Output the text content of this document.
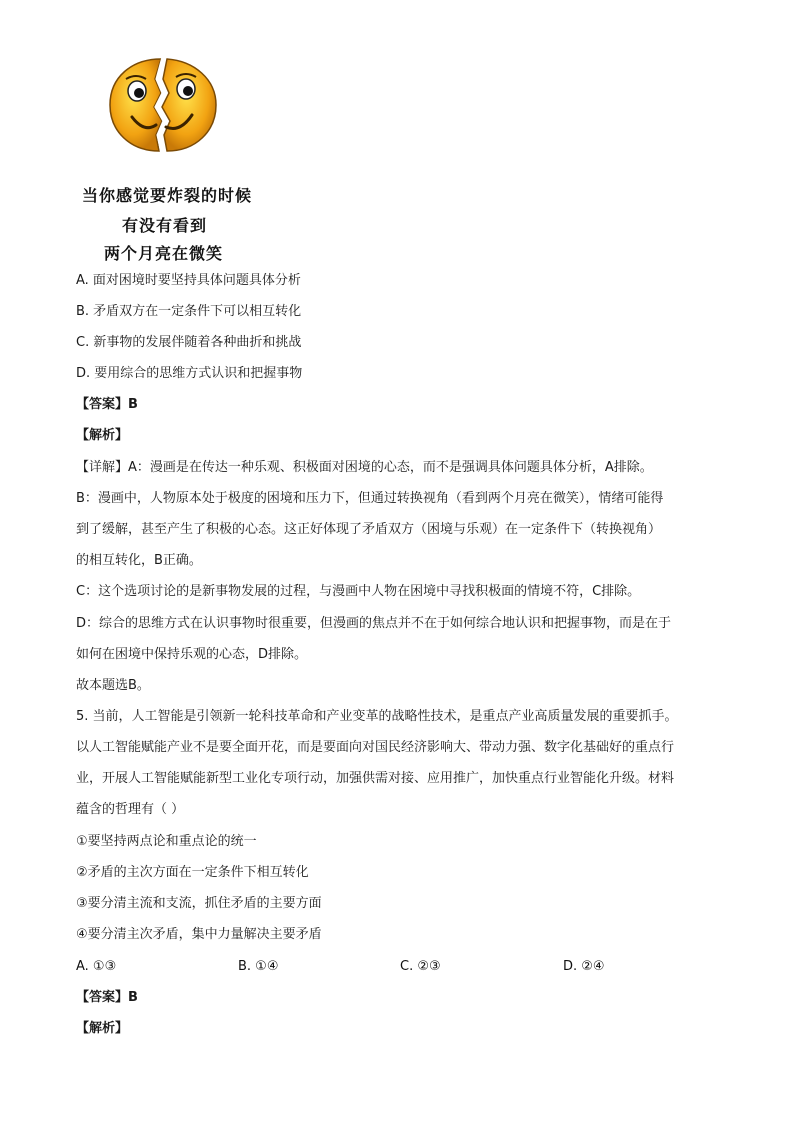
当你感觉要炸裂的时候
有没有看到
两个月亮在微笑
A. 面对困境时要坚持具体问题具体分析
B. 矛盾双方在一定条件下可以相互转化
C. 新事物的发展伴随着各种曲折和挑战
D. 要用综合的思维方式认识和把握事物
【答案】B
【解析】
【详解】A：漫画是在传达一种乐观、积极面对困境的心态，而不是强调具体问题具体分析，A排除。
B：漫画中，人物原本处于极度的困境和压力下，但通过转换视角（看到两个月亮在微笑），情绪可能得
到了缓解，甚至产生了积极的心态。这正好体现了矛盾双方（困境与乐观）在一定条件下（转换视角）
的相互转化，B正确。
C：这个选项讨论的是新事物发展的过程，与漫画中人物在困境中寻找积极面的情境不符，C排除。
D：综合的思维方式在认识事物时很重要，但漫画的焦点并不在于如何综合地认识和把握事物，而是在于
如何在困境中保持乐观的心态，D排除。
故本题选B。
5. 当前，人工智能是引领新一轮科技革命和产业变革的战略性技术，是重点产业高质量发展的重要抓手。
以人工智能赋能产业不是要全面开花，而是要面向对国民经济影响大、带动力强、数字化基础好的重点行
业，开展人工智能赋能新型工业化专项行动，加强供需对接、应用推广，加快重点行业智能化升级。材料
蕴含的哲理有（ ）
①要坚持两点论和重点论的统一
②矛盾的主次方面在一定条件下相互转化
③要分清主流和支流，抓住矛盾的主要方面
④要分清主次矛盾，集中力量解决主要矛盾
A. ①③	B. ①④	C. ②③	D. ②④
【答案】B
【解析】
